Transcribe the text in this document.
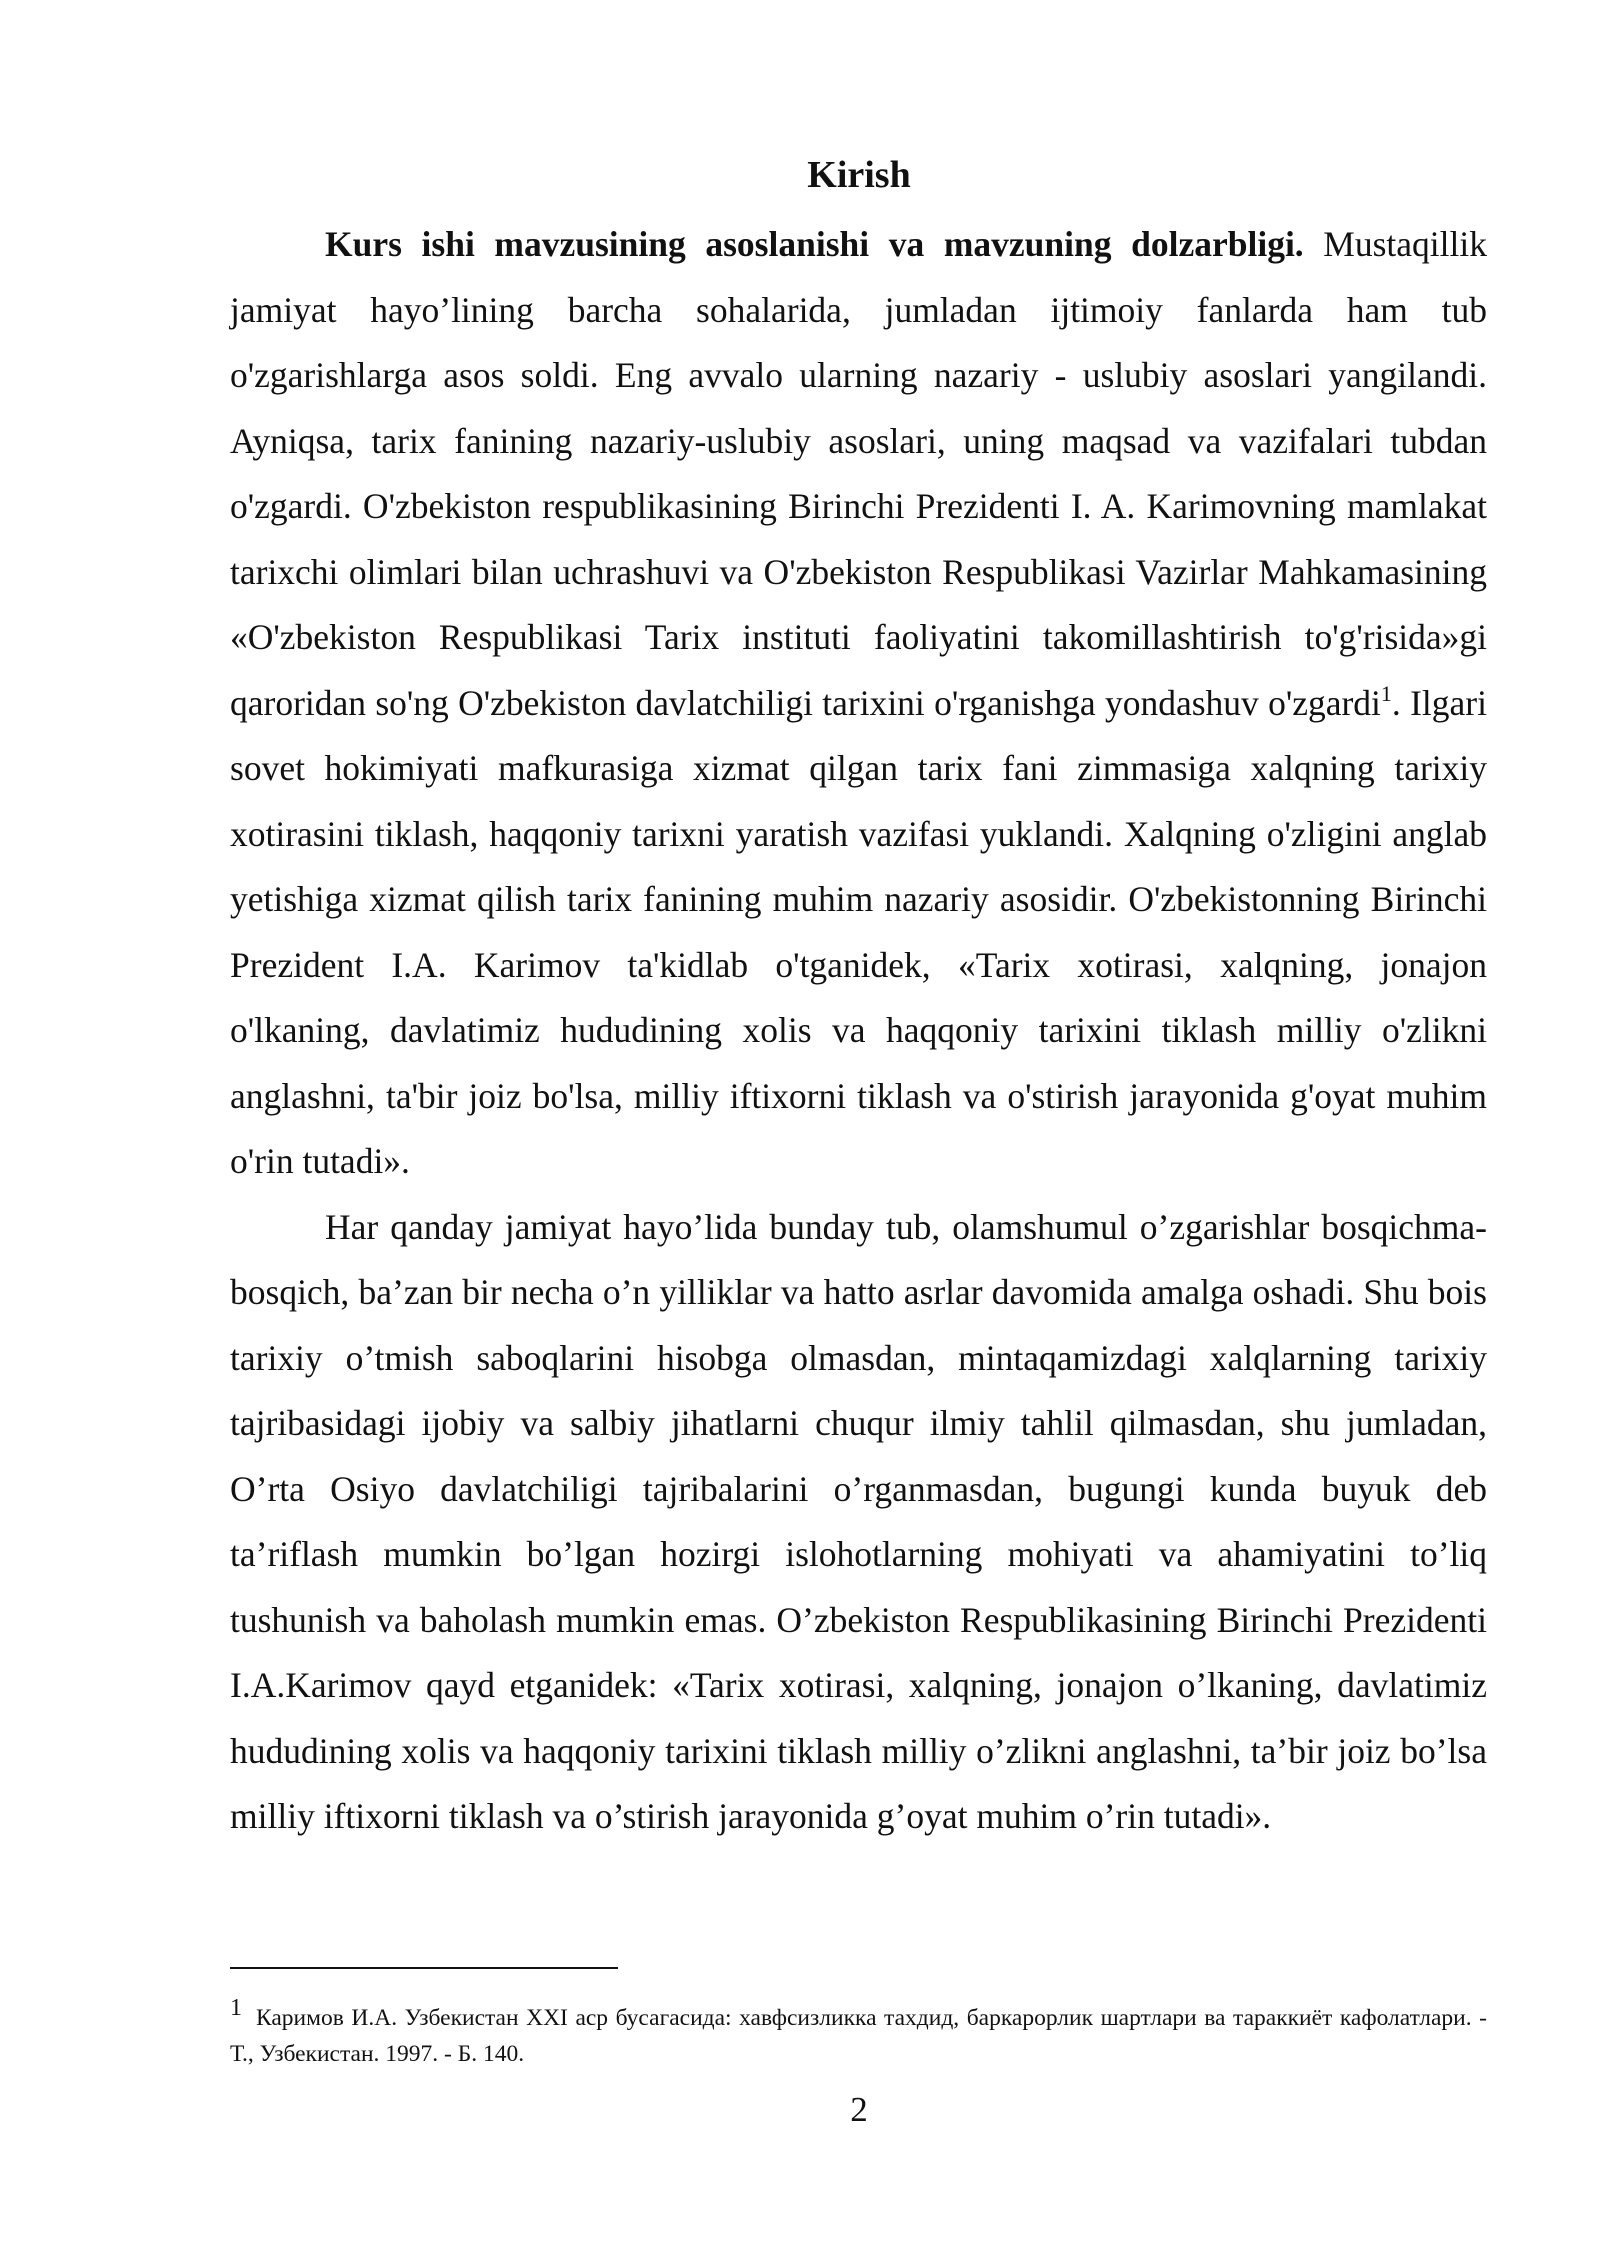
Kirish

Kurs ishi mavzusining asoslanishi va mavzuning dolzarbligi. Mustaqillik jamiyat hayo’lining barcha sohalarida, jumladan ijtimoiy fanlarda ham tub o'zgarishlarga asos soldi. Eng avvalo ularning nazariy - uslubiy asoslari yangilandi. Ayniqsa, tarix fanining nazariy-uslubiy asoslari, uning maqsad va vazifalari tubdan o'zgardi. O'zbekiston respublikasining Birinchi Prezidenti I. A. Karimovning mamlakat tarixchi olimlari bilan uchrashuvi va O'zbekiston Respublikasi Vazirlar Mahkamasining «O'zbekiston Respublikasi Tarix instituti faoliyatini takomillashtirish to'g'risida»gi qaroridan so'ng O'zbekiston davlatchiligi tarixini o'rganishga yondashuv o'zgardi$^1$. Ilgari sovet hokimiyati mafkurasiga xizmat qilgan tarix fani zimmasiga xalqning tarixiy xotirasini tiklash, haqqoniy tarixni yaratish vazifasi yuklandi. Xalqning o'zligini anglab yetishiga xizmat qilish tarix fanining muhim nazariy asosidir. O'zbekistonning Birinchi Prezident I.A. Karimov ta'kidlab o'tganidek, «Tarix xotirasi, xalqning, jonajon o'lkaning, davlatimiz hududining xolis va haqqoniy tarixini tiklash milliy o'zlikni anglashni, ta'bir joiz bo'lsa, milliy iftixorni tiklash va o'stirish jarayonida g'oyat muhim o'rin tutadi».

Har qanday jamiyat hayo’lida bunday tub, olamshumul o’zgarishlar bosqichma-bosqich, ba’zan bir necha o’n yilliklar va hatto asrlar davomida amalga oshadi. Shu bois tarixiy o’tmish saboqlarini hisobga olmasdan, mintaqamizdagi xalqlarning tarixiy tajribasidagi ijobiy va salbiy jihatlarni chuqur ilmiy tahlil qilmasdan, shu jumladan, O’rta Osiyo davlatchiligi tajribalarini o’rganmasdan, bugungi kunda buyuk deb ta’riflash mumkin bo’lgan hozirgi islohotlarning mohiyati va ahamiyatini to’liq tushunish va baholash mumkin emas. O’zbekiston Respublikasining Birinchi Prezidenti I.A.Karimov qayd etganidek: «Tarix xotirasi, xalqning, jonajon o’lkaning, davlatimiz hududining xolis va haqqoniy tarixini tiklash milliy o’zlikni anglashni, ta’bir joiz bo’lsa milliy iftixorni tiklash va o’stirish jarayonida g’oyat muhim o’rin tutadi».

1 Каримов И.А. Узбекистан XXI аср бусагасида: хавфсизликка тахдид, баркарорлик шартлари ва тараккиёт кафолатлари. - Т., Узбекистан. 1997. - Б. 140.
2
